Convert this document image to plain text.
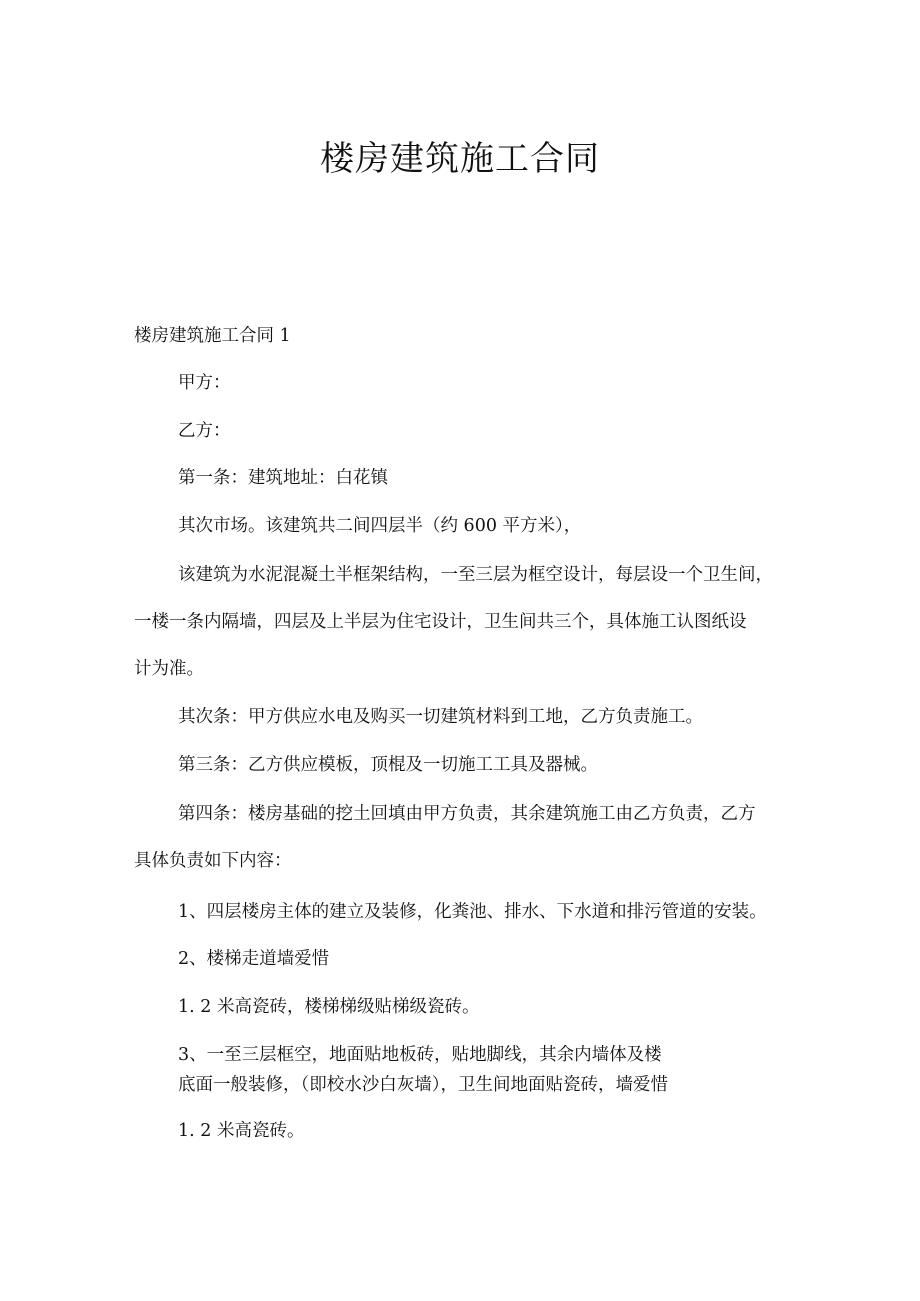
楼房建筑施工合同
楼房建筑施工合同 1
甲方：
乙方：
第一条：建筑地址：白花镇
其次市场。该建筑共二间四层半（约 600 平方米），
该建筑为水泥混凝土半框架结构，一至三层为框空设计，每层设一个卫生间，
一楼一条内隔墙，四层及上半层为住宅设计，卫生间共三个，具体施工认图纸设
计为准。
其次条：甲方供应水电及购买一切建筑材料到工地，乙方负责施工。
第三条：乙方供应模板，顶棍及一切施工工具及器械。
第四条：楼房基础的挖土回填由甲方负责，其余建筑施工由乙方负责，乙方
具体负责如下内容：
1、四层楼房主体的建立及装修，化粪池、排水、下水道和排污管道的安装。
2、楼梯走道墙爱惜
1. 2 米高瓷砖，楼梯梯级贴梯级瓷砖。
3、一至三层框空，地面贴地板砖，贴地脚线，其余内墙体及楼
底面一般装修，（即校水沙白灰墙），卫生间地面贴瓷砖，墙爱惜
1. 2 米高瓷砖。
